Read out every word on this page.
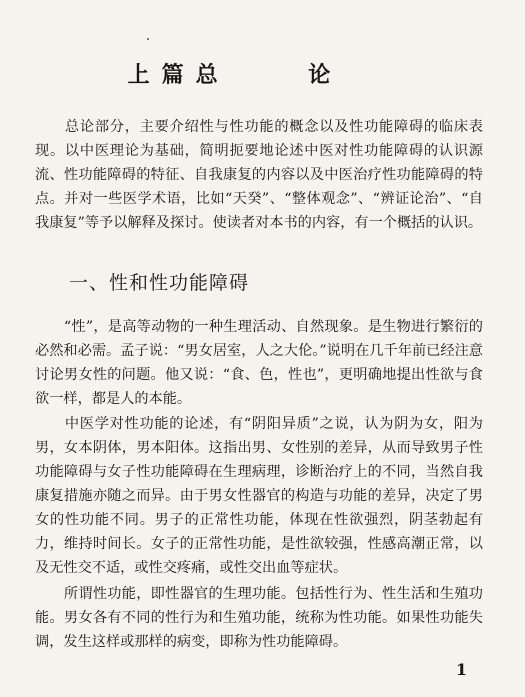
上篇总    论

　　总论部分，主要介绍性与性功能的概念以及性功能障碍的临床表现。以中医理论为基础，简明扼要地论述中医对性功能障碍的认识源流、性功能障碍的特征、自我康复的内容以及中医治疗性功能障碍的特点。并对一些医学术语，比如“天癸”、“整体观念”、“辨证论治”、“自我康复”等予以解释及探讨。使读者对本书的内容，有一个概括的认识。

一、性和性功能障碍

　　“性”，是高等动物的一种生理活动、自然现象。是生物进行繁衍的必然和必需。孟子说：“男女居室，人之大伦。”说明在几千年前已经注意讨论男女性的问题。他又说：“食、色，性也”，更明确地提出性欲与食欲一样，都是人的本能。

　　中医学对性功能的论述，有“阴阳异质”之说，认为阴为女，阳为男，女本阴体，男本阳体。这指出男、女性别的差异，从而导致男子性功能障碍与女子性功能障碍在生理病理，诊断治疗上的不同，当然自我康复措施亦随之而异。由于男女性器官的构造与功能的差异，决定了男女的性功能不同。男子的正常性功能，体现在性欲强烈，阴茎勃起有力，维持时间长。女子的正常性功能，是性欲较强，性感高潮正常，以及无性交不适，或性交疼痛，或性交出血等症状。

　　所谓性功能，即性器官的生理功能。包括性行为、性生活和生殖功能。男女各有不同的性行为和生殖功能，统称为性功能。如果性功能失调，发生这样或那样的病变，即称为性功能障碍。

1
